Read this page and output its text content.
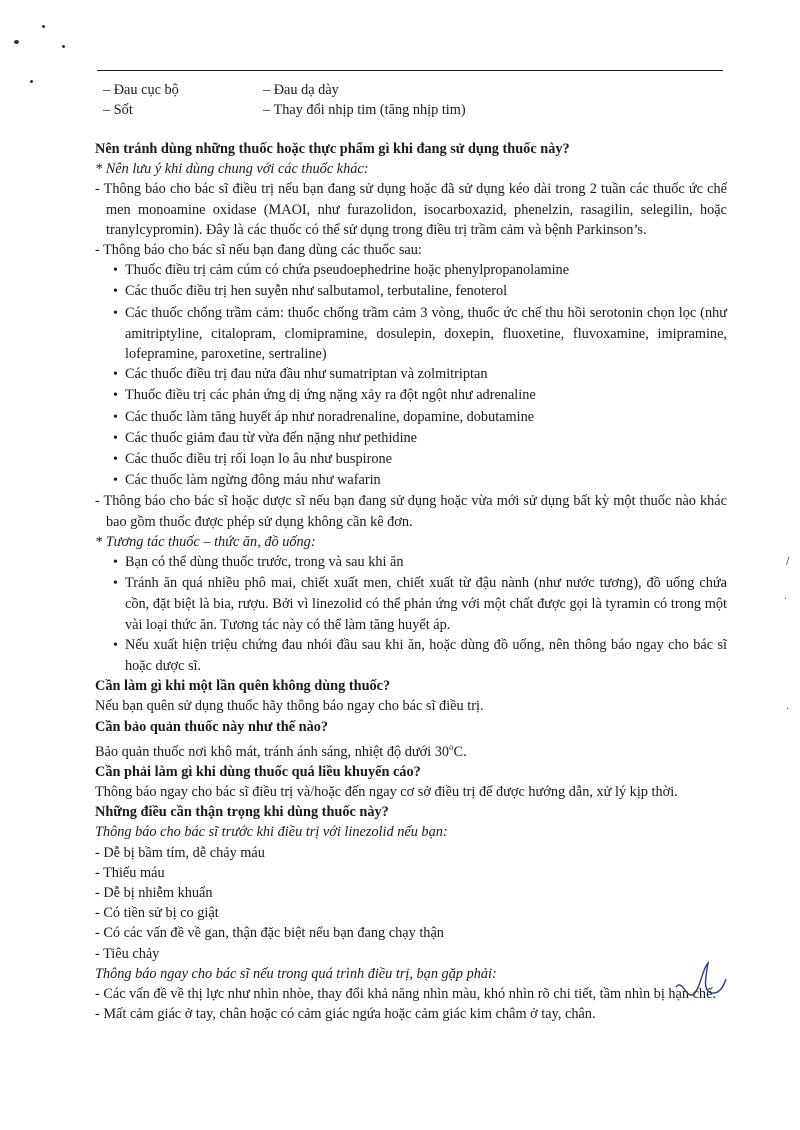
/
·
·
– Đau cục bộ	– Đau dạ dày
– Sốt	– Thay đổi nhịp tim (tăng nhịp tim)

Nên tránh dùng những thuốc hoặc thực phẩm gì khi đang sử dụng thuốc này?

* Nên lưu ý khi dùng chung với các thuốc khác:

- Thông báo cho bác sĩ điều trị nếu bạn đang sử dụng hoặc đã sử dụng kéo dài trong 2 tuần các thuốc ức chế men monoamine oxidase (MAOI, như furazolidon, isocarboxazid, phenelzin, rasagilin, selegilin, hoặc tranylcypromin). Đây là các thuốc có thể sử dụng trong điều trị trầm cảm và bệnh Parkinson’s.

- Thông báo cho bác sĩ nếu bạn đang dùng các thuốc sau:

• Thuốc điều trị cảm cúm có chứa pseudoephedrine hoặc phenylpropanolamine
• Các thuốc điều trị hen suyễn như salbutamol, terbutaline, fenoterol
• Các thuốc chống trầm cảm: thuốc chống trầm cảm 3 vòng, thuốc ức chế thu hồi serotonin chọn lọc (như amitriptyline, citalopram, clomipramine, dosulepin, doxepin, fluoxetine, fluvoxamine, imipramine, lofepramine, paroxetine, sertraline)
• Các thuốc điều trị đau nửa đầu như sumatriptan và zolmitriptan
• Thuốc điều trị các phản ứng dị ứng nặng xảy ra đột ngột như adrenaline
• Các thuốc làm tăng huyết áp như noradrenaline, dopamine, dobutamine
• Các thuốc giảm đau từ vừa đến nặng như pethidine
• Các thuốc điều trị rối loạn lo âu như buspirone
• Các thuốc làm ngừng đông máu như wafarin

- Thông báo cho bác sĩ hoặc dược sĩ nếu bạn đang sử dụng hoặc vừa mới sử dụng bất kỳ một thuốc nào khác bao gồm thuốc được phép sử dụng không cần kê đơn.

* Tương tác thuốc – thức ăn, đồ uống:

• Bạn có thể dùng thuốc trước, trong và sau khi ăn
• Tránh ăn quá nhiều phô mai, chiết xuất men, chiết xuất từ đậu nành (như nước tương), đồ uống chứa cồn, đặt biệt là bia, rượu. Bởi vì linezolid có thể phản ứng với một chất được gọi là tyramin có trong một vài loại thức ăn. Tương tác này có thể làm tăng huyết áp.
• Nếu xuất hiện triệu chứng đau nhói đầu sau khi ăn, hoặc dùng đồ uống, nên thông báo ngay cho bác sĩ hoặc dược sĩ.

Cần làm gì khi một lần quên không dùng thuốc?

Nếu bạn quên sử dụng thuốc hãy thông báo ngay cho bác sĩ điều trị.

Cần bảo quản thuốc này như thế nào?

Bảo quản thuốc nơi khô mát, tránh ánh sáng, nhiệt độ dưới 30$^o$C.

Cần phải làm gì khi dùng thuốc quá liều khuyến cáo?

Thông báo ngay cho bác sĩ điều trị và/hoặc đến ngay cơ sở điều trị để được hướng dẫn, xử lý kịp thời.

Những điều cần thận trọng khi dùng thuốc này?

Thông báo cho bác sĩ trước khi điều trị với linezolid nếu bạn:

- Dễ bị bầm tím, dễ chảy máu

- Thiếu máu

- Dễ bị nhiễm khuẩn

- Có tiền sử bị co giật

- Có các vấn đề về gan, thận đặc biệt nếu bạn đang chạy thận

- Tiêu chảy

Thông báo ngay cho bác sĩ nếu trong quá trình điều trị, bạn gặp phải:

- Các vấn đề về thị lực như nhìn nhòe, thay đổi khả năng nhìn màu, khó nhìn rõ chi tiết, tầm nhìn bị hạn chế.

- Mất cảm giác ở tay, chân hoặc có cảm giác ngứa hoặc cảm giác kim châm ở tay, chân.
